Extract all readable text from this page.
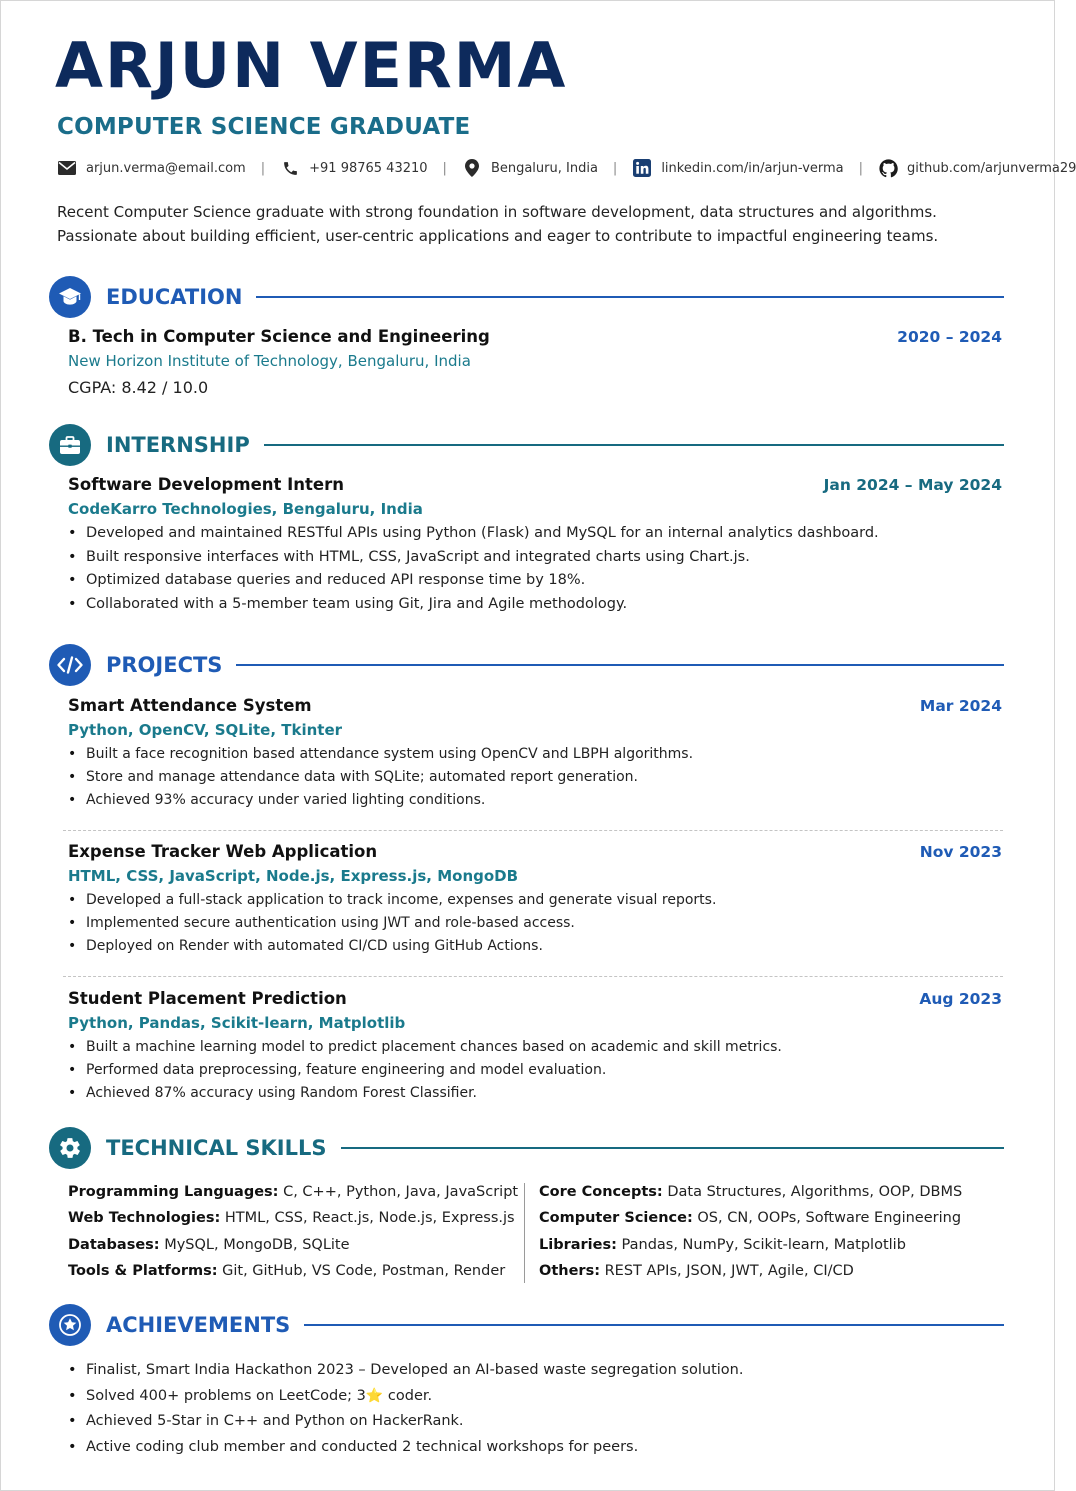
ARJUN VERMA
COMPUTER SCIENCE GRADUATE
arjun.verma@email.com |	+91 98765 43210 |	Bengaluru, India |	linkedin.com/in/arjun-verma |	github.com/arjunverma29
Recent Computer Science graduate with strong foundation in software development, data structures and algorithms.
Passionate about building efficient, user-centric applications and eager to contribute to impactful engineering teams.
EDUCATION
B. Tech in Computer Science and Engineering	2020 – 2024
New Horizon Institute of Technology, Bengaluru, India
CGPA: 8.42 / 10.0
INTERNSHIP
Software Development Intern	Jan 2024 – May 2024
CodeKarro Technologies, Bengaluru, India
• Developed and maintained RESTful APIs using Python (Flask) and MySQL for an internal analytics dashboard.
• Built responsive interfaces with HTML, CSS, JavaScript and integrated charts using Chart.js.
• Optimized database queries and reduced API response time by 18%.
• Collaborated with a 5-member team using Git, Jira and Agile methodology.
PROJECTS
Smart Attendance System	Mar 2024
Python, OpenCV, SQLite, Tkinter
• Built a face recognition based attendance system using OpenCV and LBPH algorithms.
• Store and manage attendance data with SQLite; automated report generation.
• Achieved 93% accuracy under varied lighting conditions.
Expense Tracker Web Application	Nov 2023
HTML, CSS, JavaScript, Node.js, Express.js, MongoDB
• Developed a full-stack application to track income, expenses and generate visual reports.
• Implemented secure authentication using JWT and role-based access.
• Deployed on Render with automated CI/CD using GitHub Actions.
Student Placement Prediction	Aug 2023
Python, Pandas, Scikit-learn, Matplotlib
• Built a machine learning model to predict placement chances based on academic and skill metrics.
• Performed data preprocessing, feature engineering and model evaluation.
• Achieved 87% accuracy using Random Forest Classifier.
TECHNICAL SKILLS
Programming Languages: C, C++, Python, Java, JavaScript
Web Technologies: HTML, CSS, React.js, Node.js, Express.js
Databases: MySQL, MongoDB, SQLite
Tools & Platforms: Git, GitHub, VS Code, Postman, Render
Core Concepts: Data Structures, Algorithms, OOP, DBMS
Computer Science: OS, CN, OOPs, Software Engineering
Libraries: Pandas, NumPy, Scikit-learn, Matplotlib
Others: REST APIs, JSON, JWT, Agile, CI/CD
ACHIEVEMENTS
• Finalist, Smart India Hackathon 2023 – Developed an AI-based waste segregation solution.
• Solved 400+ problems on LeetCode; 3⭐ coder.
• Achieved 5-Star in C++ and Python on HackerRank.
• Active coding club member and conducted 2 technical workshops for peers.
